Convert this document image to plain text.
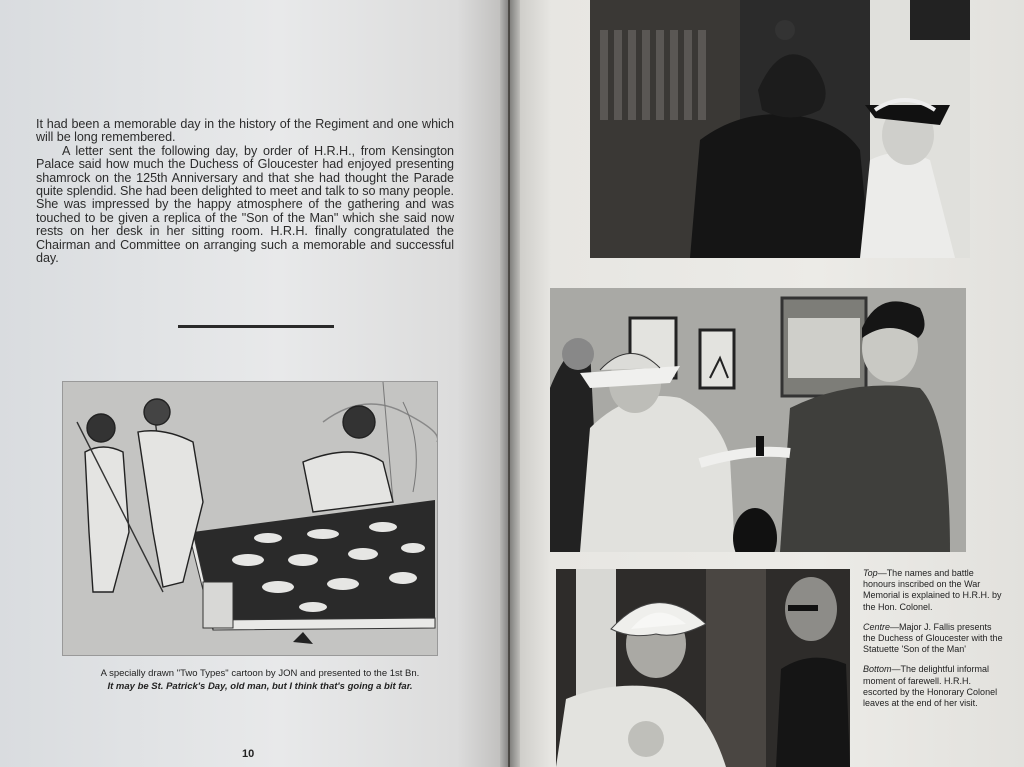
It had been a memorable day in the history of the Regiment and one which will be long remembered.

A letter sent the following day, by order of H.R.H., from Kensington Palace said how much the Duchess of Gloucester had enjoyed presenting shamrock on the 125th Anniversary and that she had thought the Parade quite splendid. She had been delighted to meet and talk to so many people. She was impressed by the happy atmosphere of the gathering and was touched to be given a replica of the "Son of the Man" which she said now rests on her desk in her sitting room. H.R.H. finally congratulated the Chairman and Committee on arranging such a memorable and successful day.

A specially drawn "Two Types" cartoon by JON and presented to the 1st Bn.
It may be St. Patrick's Day, old man, but I think that's going a bit far.
10

Top—The names and battle honours inscribed on the War Memorial is explained to H.R.H. by the Hon. Colonel.

Centre—Major J. Fallis presents the Duchess of Gloucester with the Statuette 'Son of the Man'

Bottom—The delightful informal moment of farewell. H.R.H. escorted by the Honorary Colonel leaves at the end of her visit.
